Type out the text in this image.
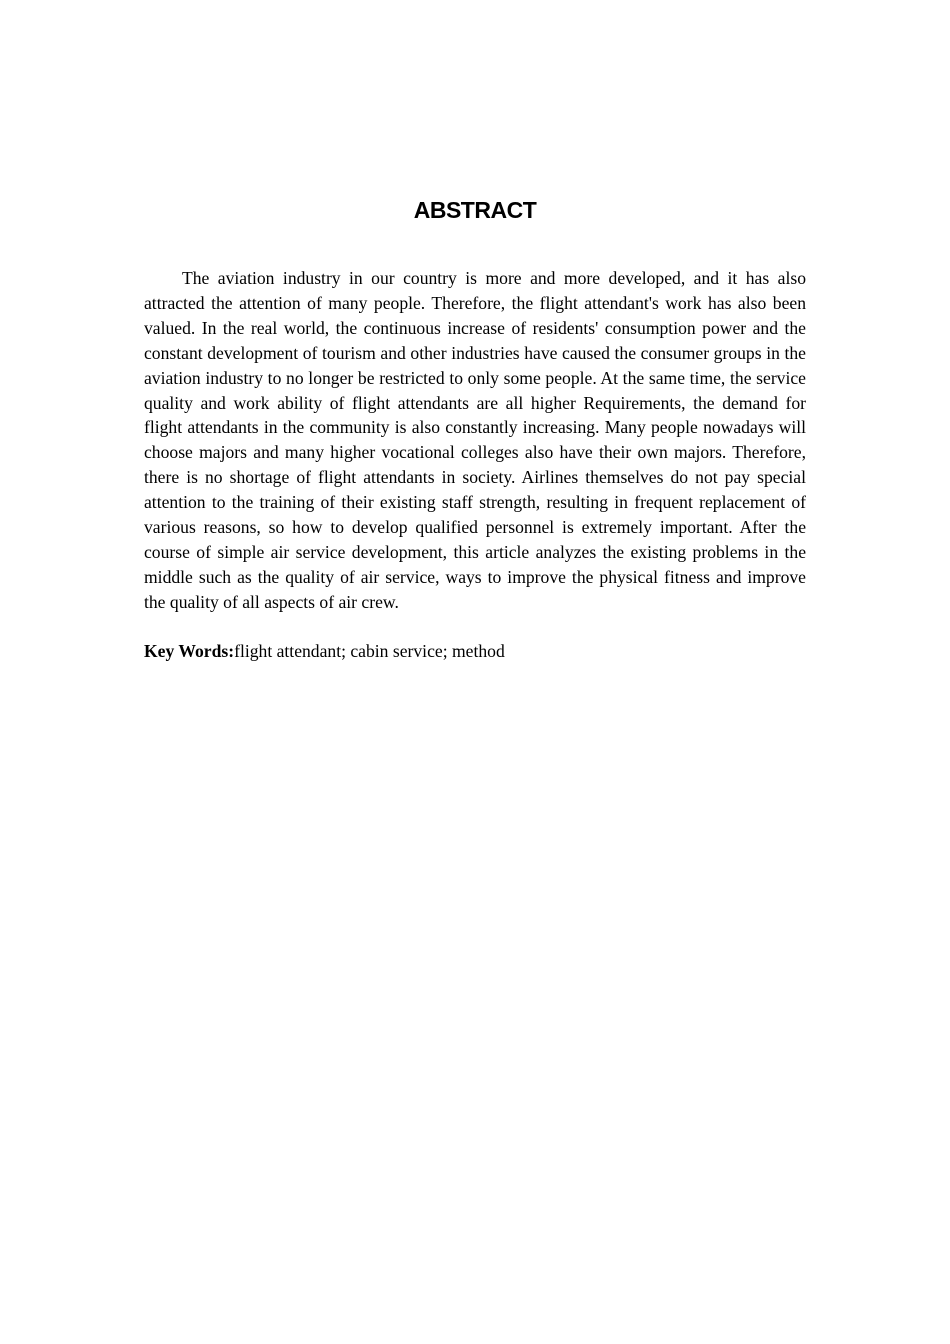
ABSTRACT

The aviation industry in our country is more and more developed, and it has also attracted the attention of many people. Therefore, the flight attendant's work has also been valued. In the real world, the continuous increase of residents' consumption power and the constant development of tourism and other industries have caused the consumer groups in the aviation industry to no longer be restricted to only some people. At the same time, the service quality and work ability of flight attendants are all higher Requirements, the demand for flight attendants in the community is also constantly increasing. Many people nowadays will choose majors and many higher vocational colleges also have their own majors. Therefore, there is no shortage of flight attendants in society. Airlines themselves do not pay special attention to the training of their existing staff strength, resulting in frequent replacement of various reasons, so how to develop qualified personnel is extremely important. After the course of simple air service development, this article analyzes the existing problems in the middle such as the quality of air service, ways to improve the physical fitness and improve the quality of all aspects of air crew.

Key Words:flight attendant; cabin service; method
